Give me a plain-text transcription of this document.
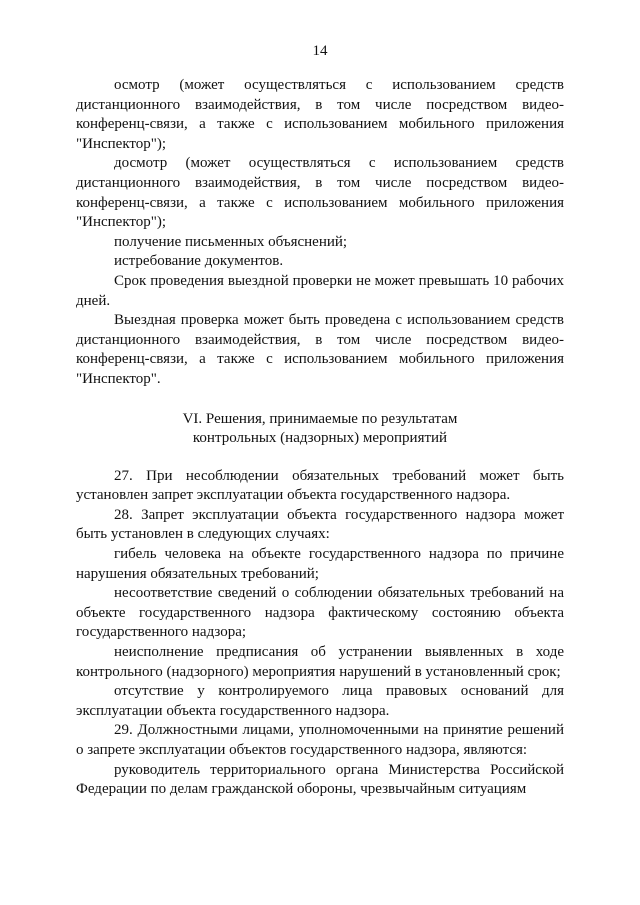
14

осмотр (может осуществляться с использованием средств дистанционного взаимодействия, в том числе посредством видео-конференц-связи, а также с использованием мобильного приложения "Инспектор");

досмотр (может осуществляться с использованием средств дистанционного взаимодействия, в том числе посредством видео-конференц-связи, а также с использованием мобильного приложения "Инспектор");

получение письменных объяснений;

истребование документов.

Срок проведения выездной проверки не может превышать 10 рабочих дней.

Выездная проверка может быть проведена с использованием средств дистанционного взаимодействия, в том числе посредством видео-конференц-связи, а также с использованием мобильного приложения "Инспектор".

VI. Решения, принимаемые по результатам
контрольных (надзорных) мероприятий

27. При несоблюдении обязательных требований может быть установлен запрет эксплуатации объекта государственного надзора.

28. Запрет эксплуатации объекта государственного надзора может быть установлен в следующих случаях:

гибель человека на объекте государственного надзора по причине нарушения обязательных требований;

несоответствие сведений о соблюдении обязательных требований на объекте государственного надзора фактическому состоянию объекта государственного надзора;

неисполнение предписания об устранении выявленных в ходе контрольного (надзорного) мероприятия нарушений в установленный срок;

отсутствие у контролируемого лица правовых оснований для эксплуатации объекта государственного надзора.

29. Должностными лицами, уполномоченными на принятие решений о запрете эксплуатации объектов государственного надзора, являются:

руководитель территориального органа Министерства Российской Федерации по делам гражданской обороны, чрезвычайным ситуациям
